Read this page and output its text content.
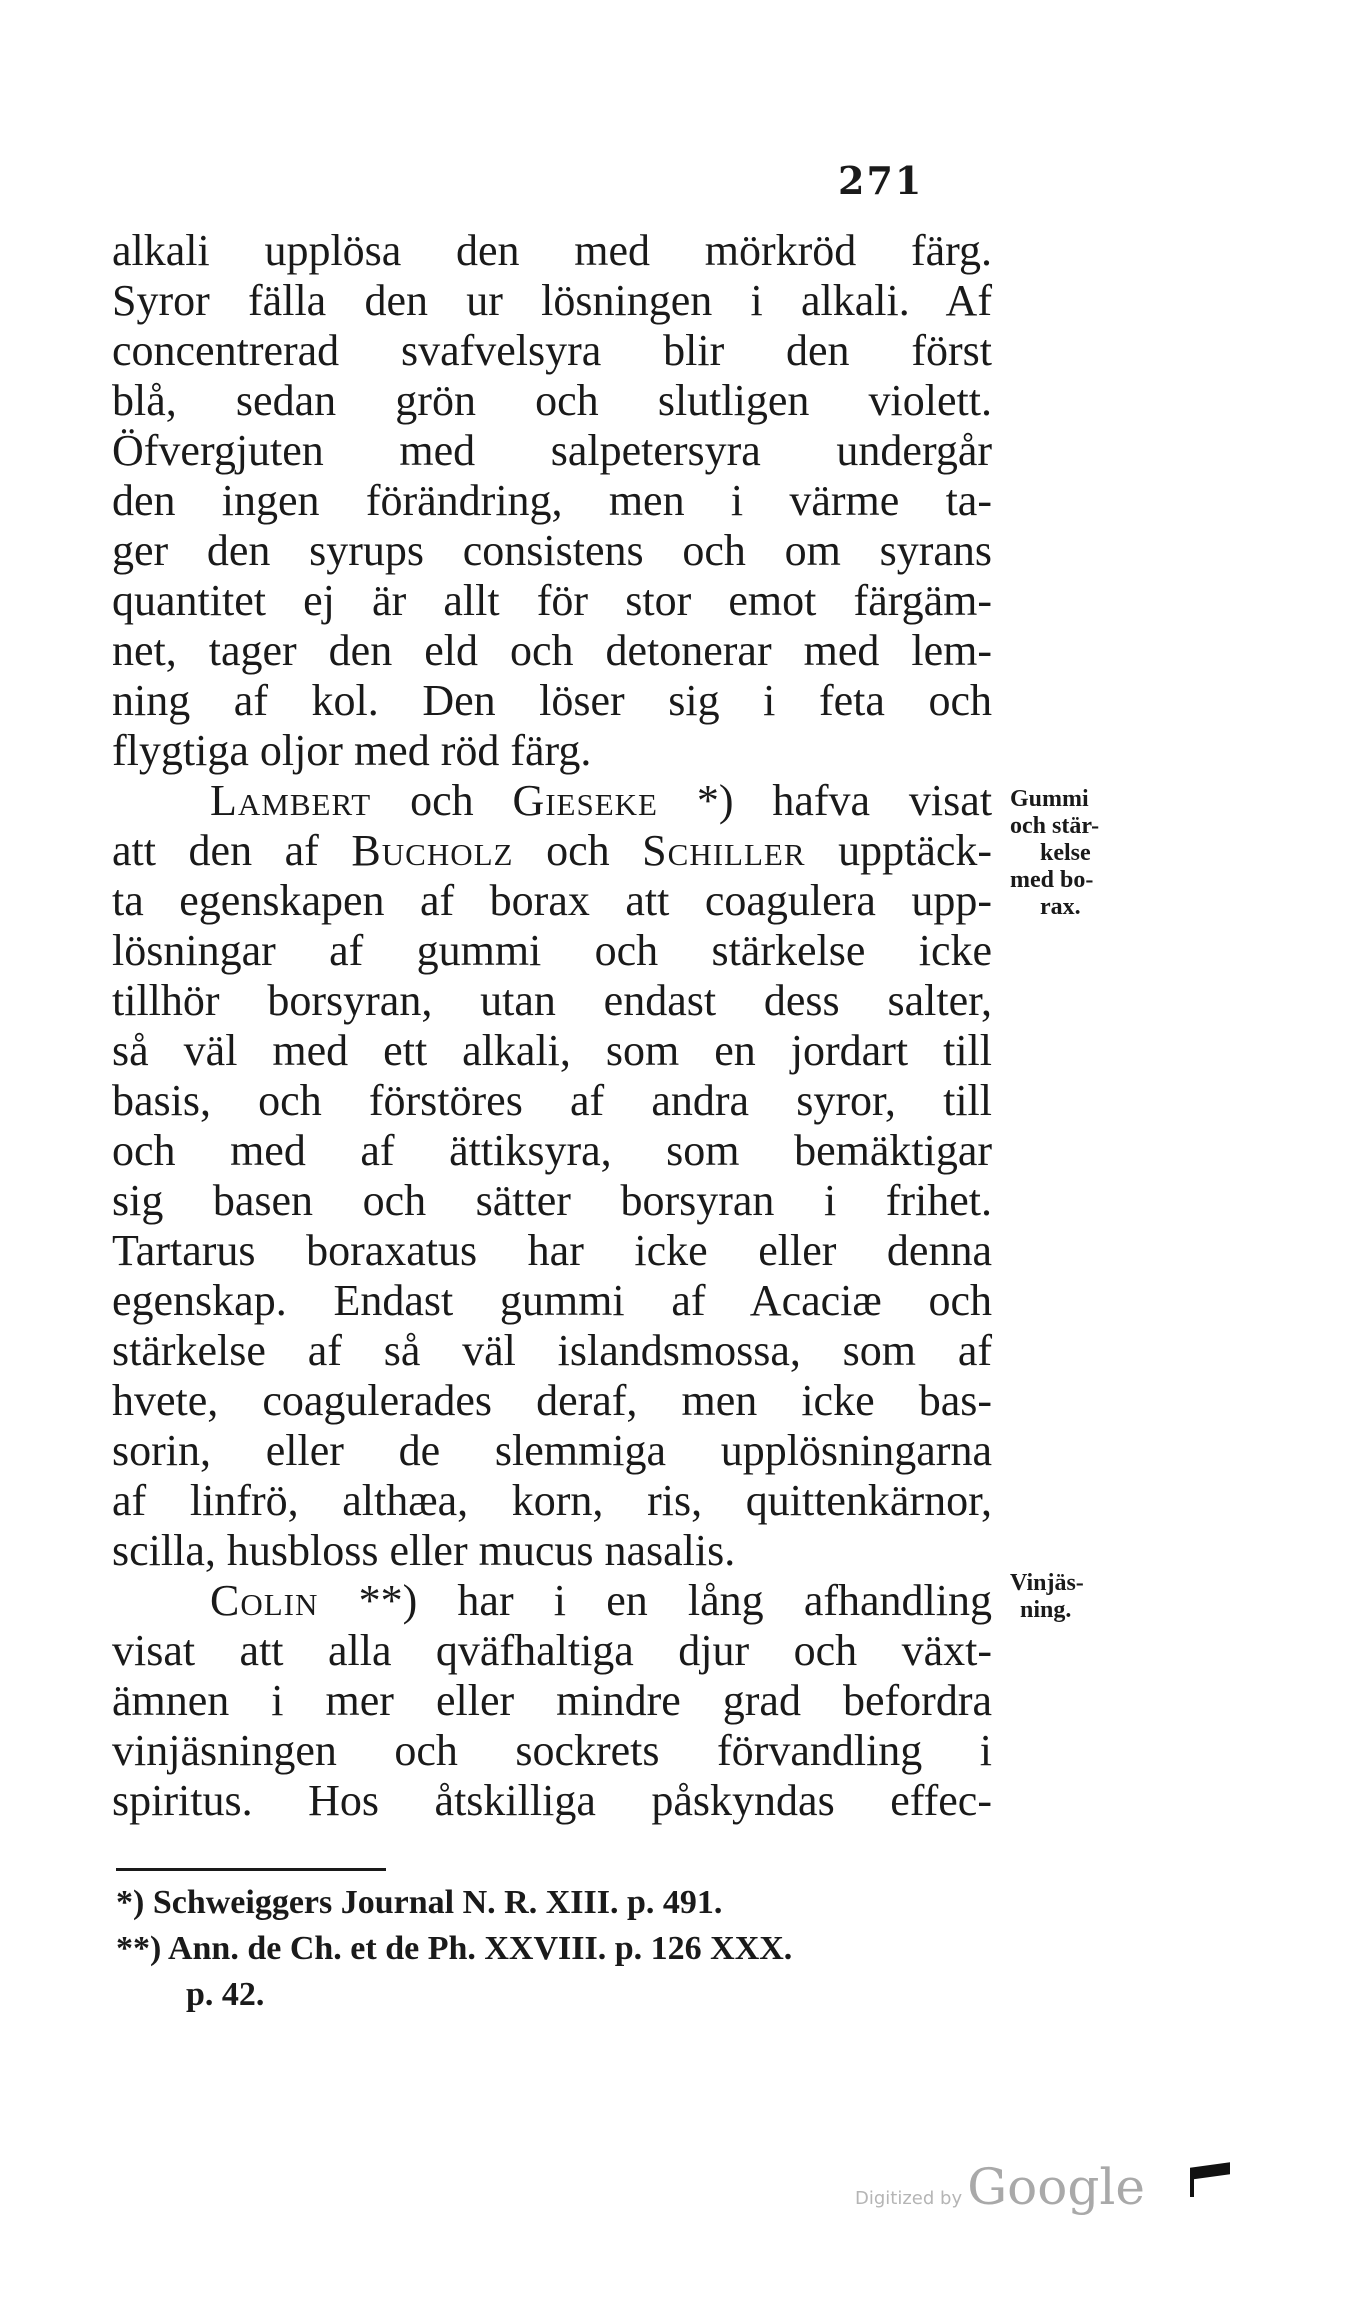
271
alkali upplösa den med mörkröd färg.
Syror fälla den ur lösningen i alkali. Af
concentrerad svafvelsyra blir den först
blå, sedan grön och slutligen violett.
Öfvergjuten med salpetersyra undergår
den ingen förändring, men i värme ta-
ger den syrups consistens och om syrans
quantitet ej är allt för stor emot färgäm-
net, tager den eld och detonerar med lem-
ning af kol. Den löser sig i feta och
flygtiga oljor med röd färg.
Lambert och Gieseke *) hafva visat
att den af Bucholz och Schiller upptäck-
ta egenskapen af borax att coagulera upp-
lösningar af gummi och stärkelse icke
tillhör borsyran, utan endast dess salter,
så väl med ett alkali, som en jordart till
basis, och förstöres af andra syror, till
och med af ättiksyra, som bemäktigar
sig basen och sätter borsyran i frihet.
Tartarus boraxatus har icke eller denna
egenskap. Endast gummi af Acaciæ och
stärkelse af så väl islandsmossa, som af
hvete, coagulerades deraf, men icke bas-
sorin, eller de slemmiga upplösningarna
af linfrö, althæa, korn, ris, quittenkärnor,
scilla, husbloss eller mucus nasalis.
Colin **) har i en lång afhandling
visat att alla qväfhaltiga djur och växt-
ämnen i mer eller mindre grad befordra
vinjäsningen och sockrets förvandling i
spiritus. Hos åtskilliga påskyndas effec-
Gummi
och stär-
kelse
med bo-
rax.
Vinjäs-
ning.
*) Schweiggers Journal N. R. XIII. p. 491.
**) Ann. de Ch. et de Ph. XXVIII. p. 126 XXX.
p. 42.
Digitized by Google
